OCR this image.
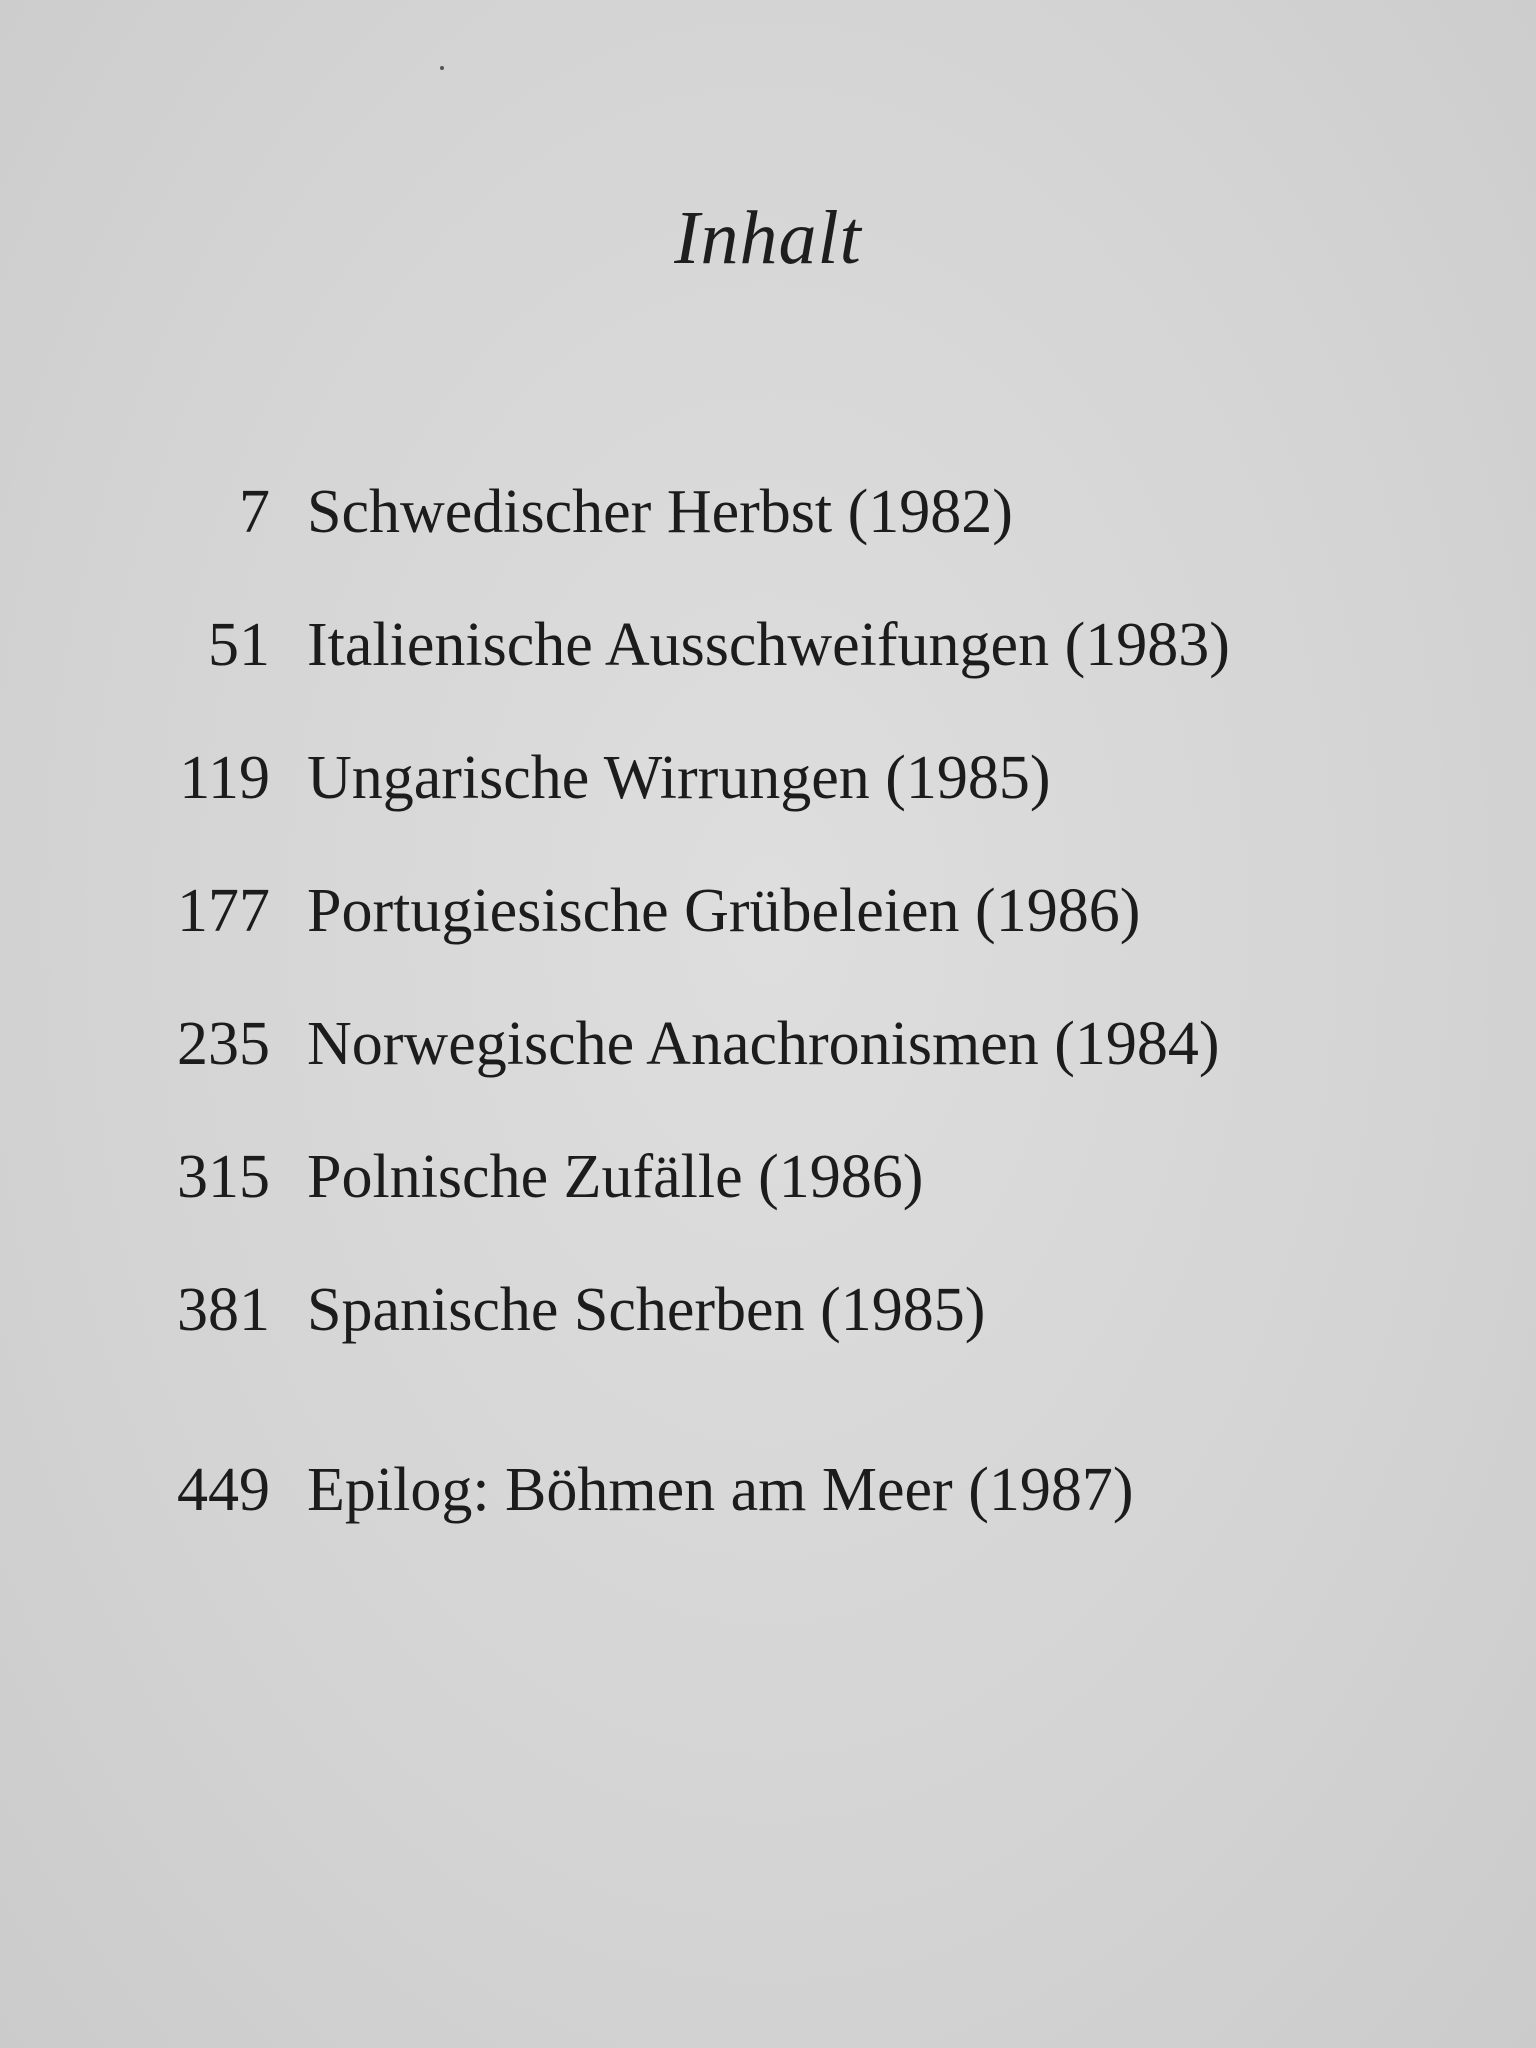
Inhalt
7 Schwedischer Herbst (1982)
51 Italienische Ausschweifungen (1983)
119 Ungarische Wirrungen (1985)
177 Portugiesische Grübeleien (1986)
235 Norwegische Anachronismen (1984)
315 Polnische Zufälle (1986)
381 Spanische Scherben (1985)
449 Epilog: Böhmen am Meer (1987)
